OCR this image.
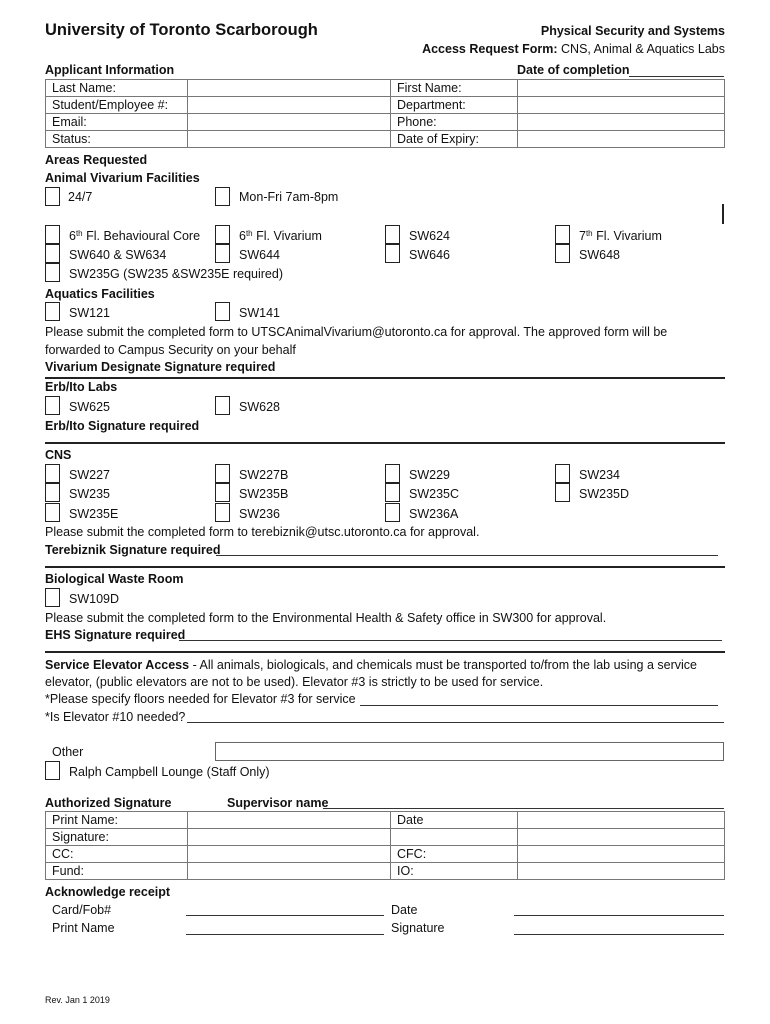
University of Toronto Scarborough	Physical Security and Systems
Access Request Form: CNS, Animal & Aquatics Labs
Applicant Information	Date of completion
Last Name:		First Name:	
Student/Employee #:		Department:	
Email:		Phone:	
Status:		Date of Expiry:	
Areas Requested
Animal Vivarium Facilities
24/7	Mon-Fri 7am-8pm
6th Fl. Behavioural Core	6th Fl. Vivarium	SW624	7th Fl. Vivarium
SW640 & SW634	SW644	SW646	SW648
SW235G (SW235 &SW235E required)
Aquatics Facilities
SW121	SW141
Please submit the completed form to UTSCAnimalVivarium@utoronto.ca for approval. The approved form will be
forwarded to Campus Security on your behalf
Vivarium Designate Signature required
Erb/Ito Labs
SW625	SW628
Erb/Ito Signature required
CNS
SW227	SW227B	SW229	SW234
SW235	SW235B	SW235C	SW235D
SW235E	SW236	SW236A
Please submit the completed form to terebiznik@utsc.utoronto.ca for approval.
Terebiznik Signature required
Biological Waste Room
SW109D
Please submit the completed form to the Environmental Health & Safety office in SW300 for approval.
EHS Signature required
Service Elevator Access - All animals, biologicals, and chemicals must be transported to/from the lab using a service
elevator, (public elevators are not to be used). Elevator #3 is strictly to be used for service.
*Please specify floors needed for Elevator #3 for service
*Is Elevator #10 needed?
Other
Ralph Campbell Lounge (Staff Only)
Authorized Signature	Supervisor name
Print Name:		Date	
Signature:			
CC:		CFC:	
Fund:		IO:	
Acknowledge receipt
Card/Fob#	Date
Print Name	Signature
Rev. Jan 1 2019
